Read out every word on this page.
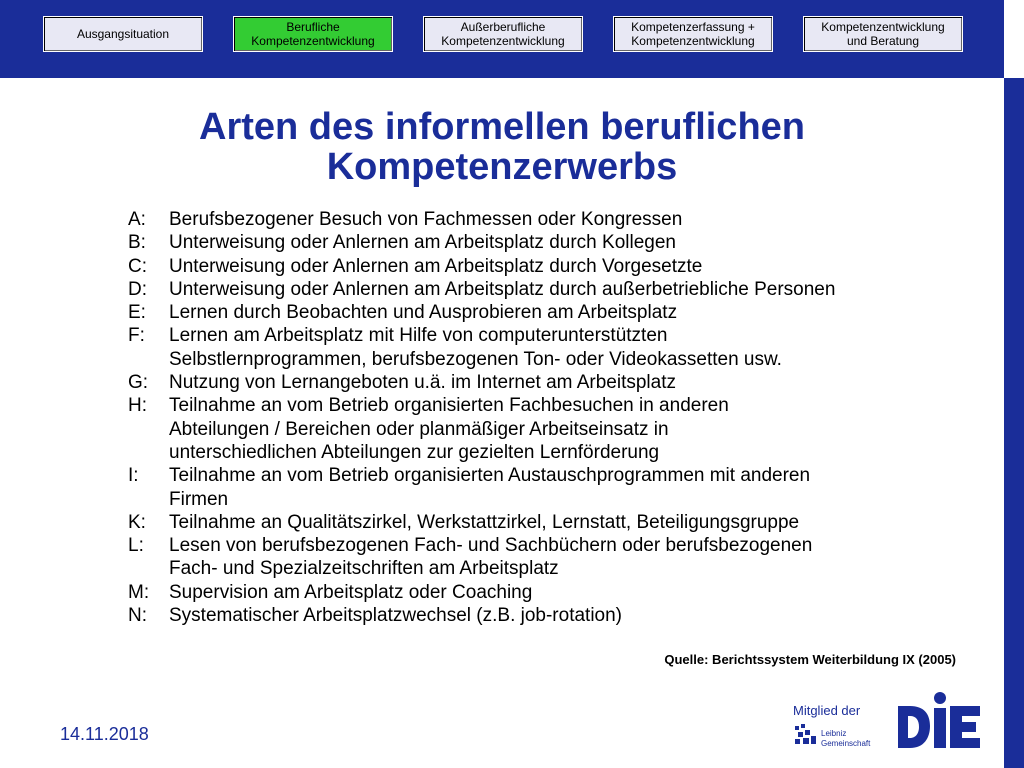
Ausgangsituation	Berufliche
Kompetenzentwicklung
Außerberufliche
Kompetenzentwicklung
Kompetenzerfassung +
Kompetenzentwicklung
Kompetenzentwicklung
und Beratung
Arten des informellen beruflichen
Kompetenzerwerbs
A:	Berufsbezogener Besuch von Fachmessen oder Kongressen
B:	Unterweisung oder Anlernen am Arbeitsplatz durch Kollegen
C:	Unterweisung oder Anlernen am Arbeitsplatz durch Vorgesetzte
D:	Unterweisung oder Anlernen am Arbeitsplatz durch außerbetriebliche Personen
E:	Lernen durch Beobachten und Ausprobieren am Arbeitsplatz
F:	Lernen am Arbeitsplatz mit Hilfe von computerunterstützten
Selbstlernprogrammen, berufsbezogenen Ton- oder Videokassetten usw.
G:	Nutzung von Lernangeboten u.ä. im Internet am Arbeitsplatz
H:	Teilnahme an vom Betrieb organisierten Fachbesuchen in anderen
Abteilungen / Bereichen oder planmäßiger Arbeitseinsatz in
unterschiedlichen Abteilungen zur gezielten Lernförderung
I:	Teilnahme an vom Betrieb organisierten Austauschprogrammen mit anderen
Firmen
K:	Teilnahme an Qualitätszirkel, Werkstattzirkel, Lernstatt, Beteiligungsgruppe
L:	Lesen von berufsbezogenen Fach- und Sachbüchern oder berufsbezogenen
Fach- und Spezialzeitschriften am Arbeitsplatz
M:	Supervision am Arbeitsplatz oder Coaching
N:	Systematischer Arbeitsplatzwechsel (z.B. job-rotation)
Quelle: Berichtssystem Weiterbildung IX (2005)
14.11.2018
Mitglied der
Leibniz
Gemeinschaft
